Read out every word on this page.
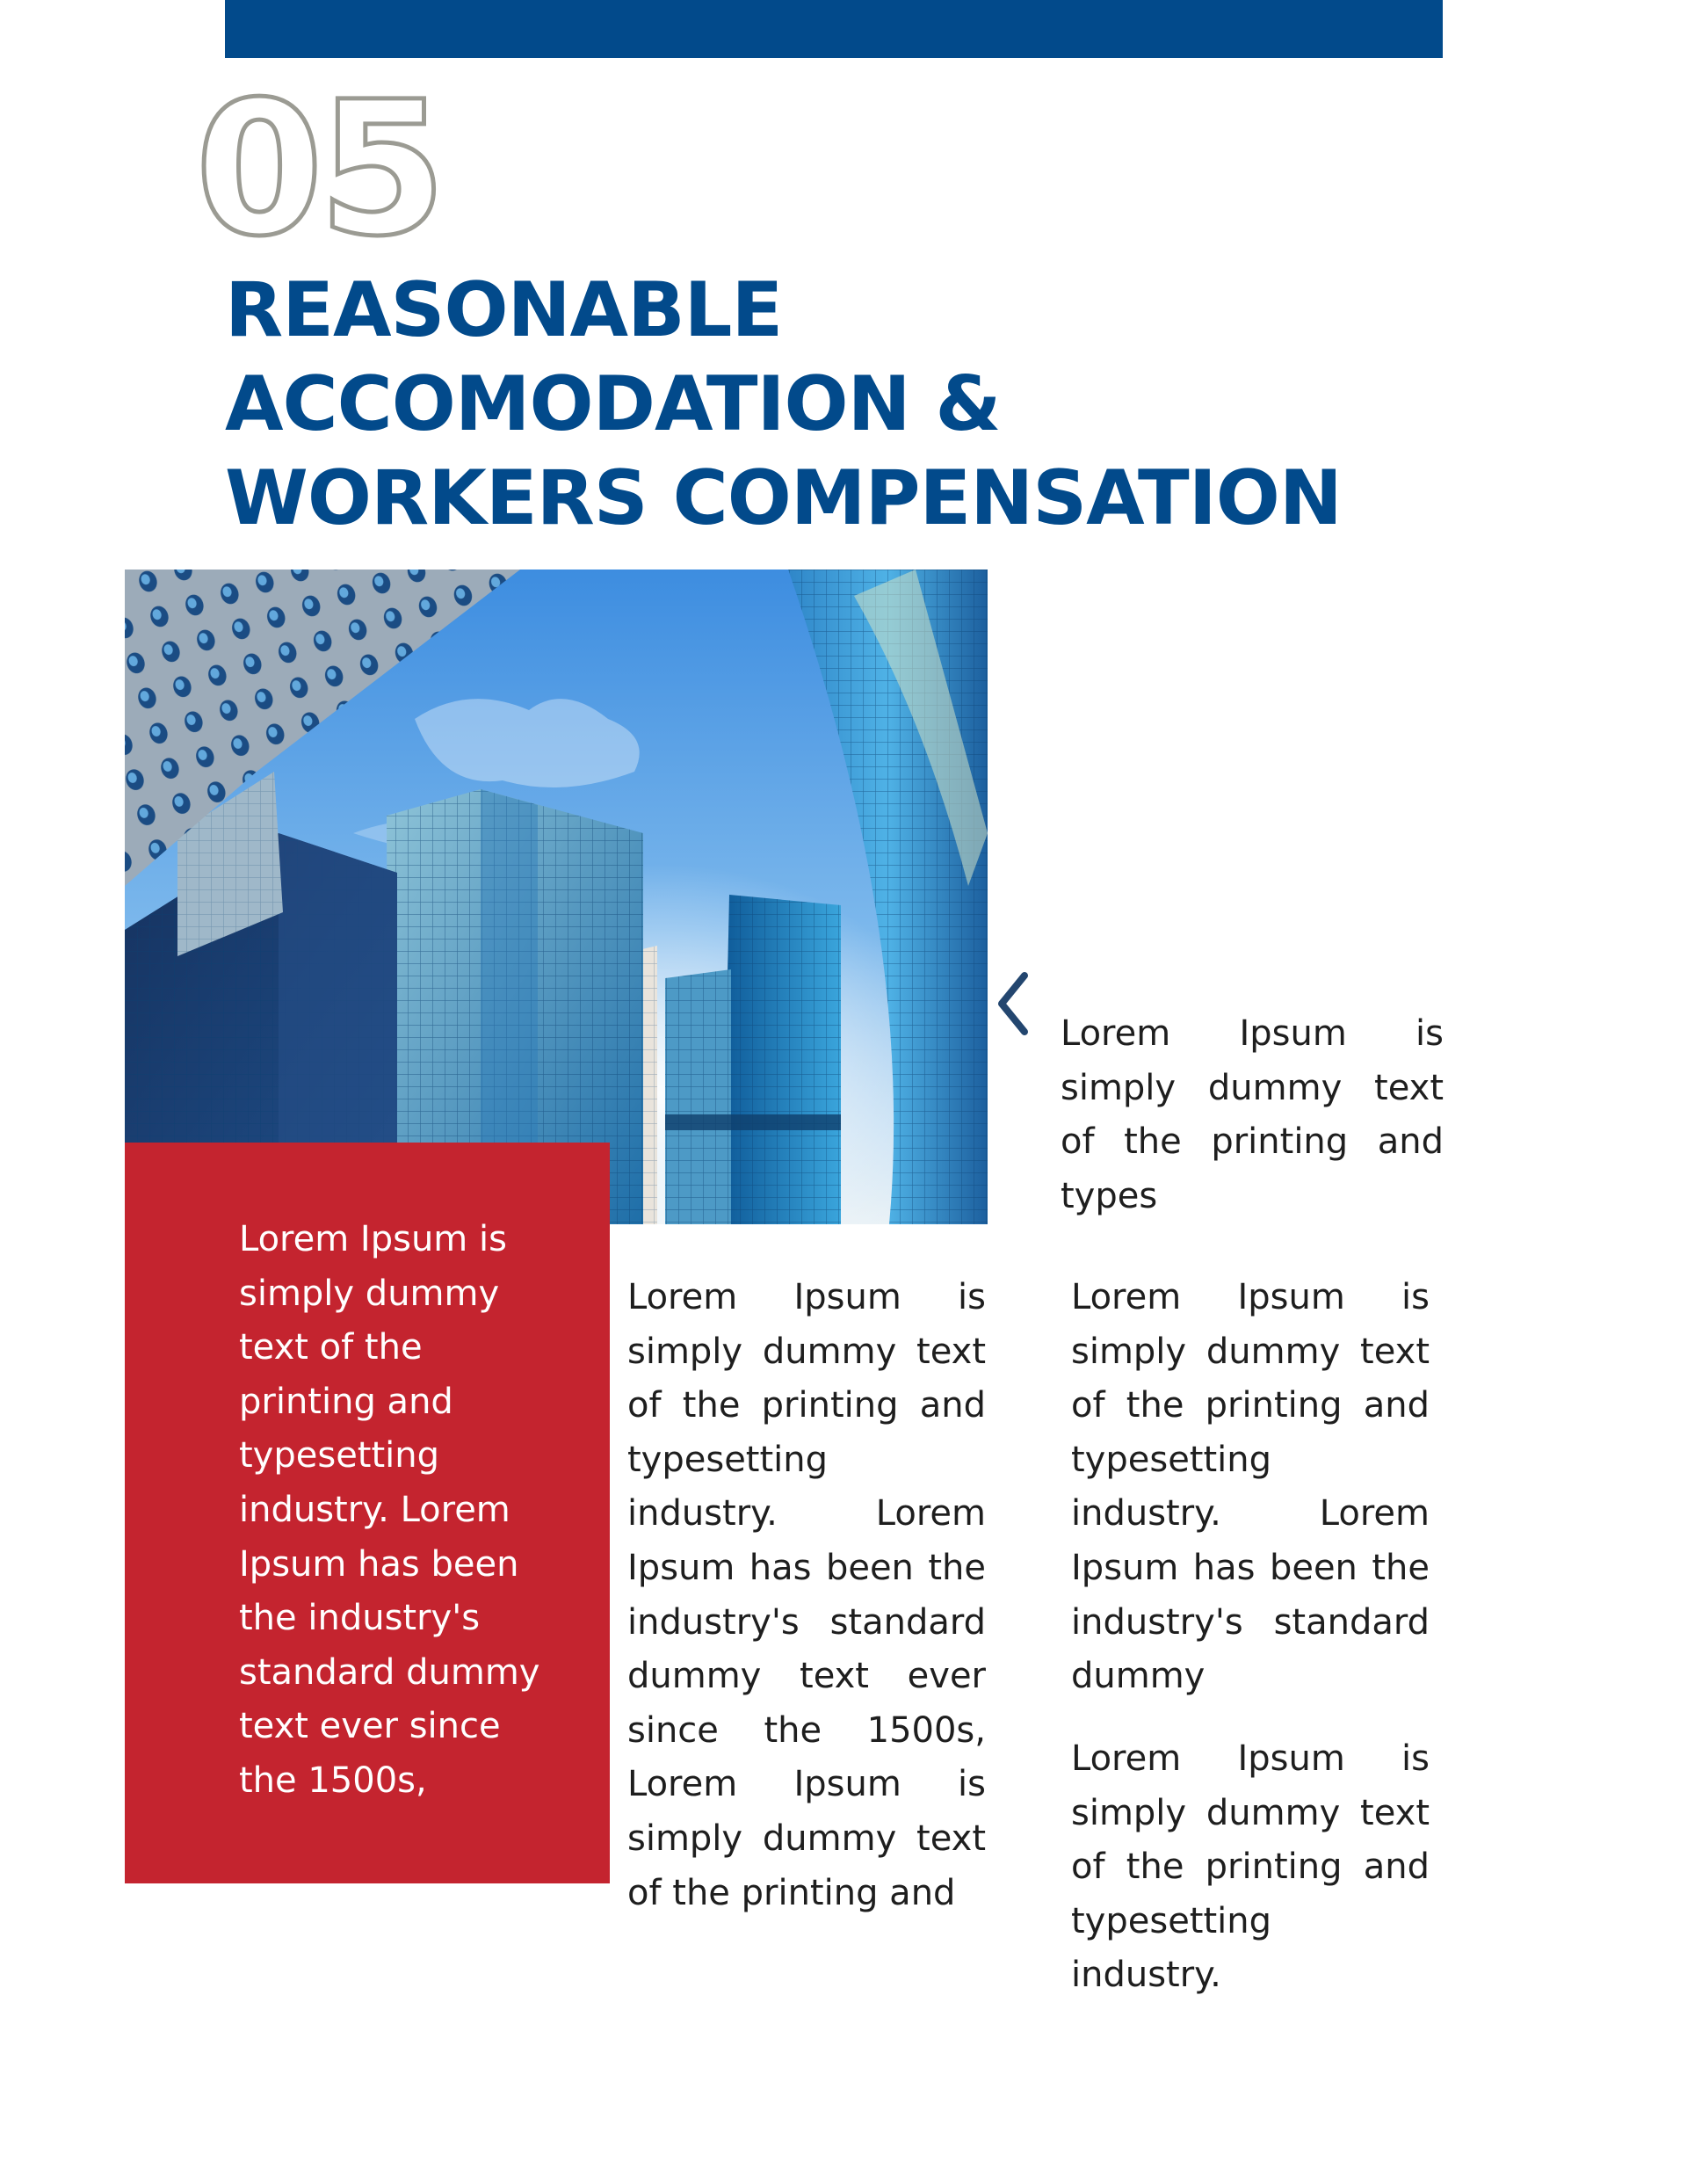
05
REASONABLE
ACCOMODATION &
WORKERS COMPENSATION

Lorem Ipsum is simply dummy text of the printing and typesetting industry. Lorem Ipsum has been the industry's standard dummy text ever since the 1500s,

Lorem Ipsum is simply dummy text of the printing and types

Lorem Ipsum is simply dummy text of the printing and typesetting industry. Lorem Ipsum has been the industry's standard dummy text ever since the 1500s, Lorem Ipsum is simply dummy text of the printing and

Lorem Ipsum is simply dummy text of the printing and typesetting industry. Lorem Ipsum has been the industry's standard dummy

Lorem Ipsum is simply dummy text of the printing and typesetting industry.
